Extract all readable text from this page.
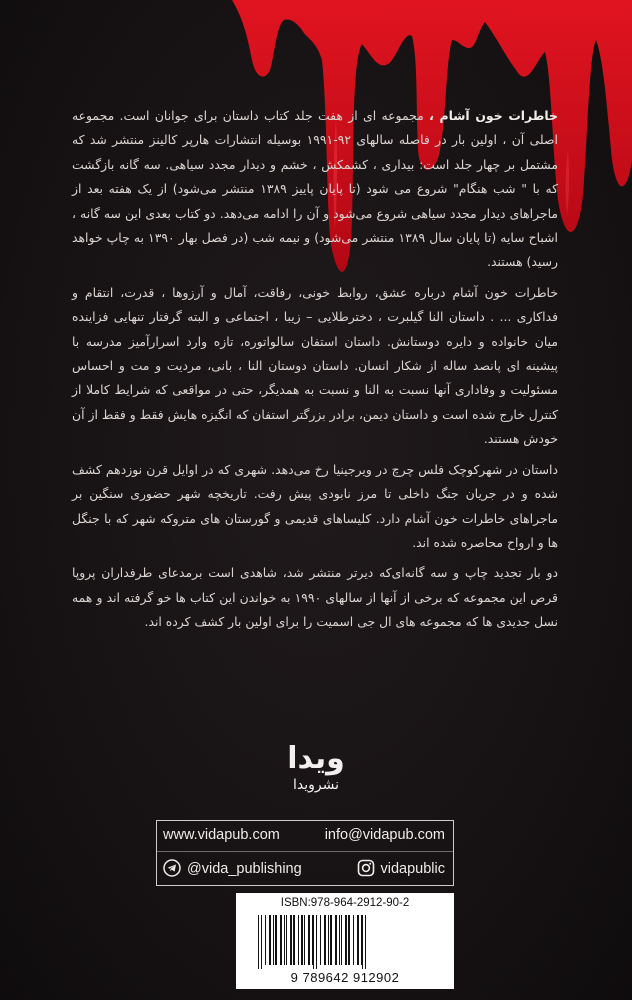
خاطرات خون آشام ، مجموعه ای از هفت جلد کتاب داستان برای جوانان است. مجموعه اصلی آن ، اولین بار در فاصله سالهای ۹۲-۱۹۹۱ بوسیله انتشارات هارپر کالینز منتشر شد که مشتمل بر چهار جلد است: بیداری ، کشمکش ، خشم و دیدار مجدد سیاهی. سه گانه بازگشت که با " شب هنگام" شروع می شود (تا پایان پاییز ۱۳۸۹ منتشر می‌شود) از یک هفته بعد از ماجراهای دیدار مجدد سیاهی شروع می‌شود و آن را ادامه می‌دهد. دو کتاب بعدی این سه گانه ، اشباح سایه (تا پایان سال ۱۳۸۹ منتشر می‌شود) و نیمه شب (در فصل بهار ۱۳۹۰ به چاپ خواهد رسید) هستند.

خاطرات خون آشام درباره عشق، روابط خونی، رفاقت، آمال و آرزوها ، قدرت، انتقام و فداکاری ... . داستان النا گیلبرت ، دخترطلایی – زیبا ، اجتماعی و البته گرفتار تنهایی فزاینده میان خانواده و دایره دوستانش. داستان استفان سالواتوره، تازه وارد اسرارآمیز مدرسه با پیشینه ای پانصد ساله از شکار انسان. داستان دوستان النا ، بانی، مردیت و مت و احساس مسئولیت و وفاداری آنها نسبت به النا و نسبت به همدیگر، حتی در مواقعی که شرایط کاملا از کنترل خارج شده است و داستان دیمن، برادر بزرگتر استفان که انگیزه هایش فقط و فقط از آن خودش هستند.

داستان در شهرکوچک فلس چرچ در ویرجینیا رخ می‌دهد. شهری که در اوایل قرن نوزدهم کشف شده و در جریان جنگ داخلی تا مرز نابودی پیش رفت. تاریخچه شهر حضوری سنگین بر ماجراهای خاطرات خون آشام دارد. کلیساهای قدیمی و گورستان های متروکه شهر که با جنگل ها و ارواح محاصره شده اند.

دو بار تجدید چاپ و سه گانه‌ای‌که دیرتر منتشر شد، شاهدی است برمدعای طرفداران پروپا قرص این مجموعه که برخی از آنها از سالهای ۱۹۹۰ به خواندن این کتاب ها خو گرفته اند و همه نسل جدیدی ها که مجموعه های ال جی اسمیت را برای اولین بار کشف کرده اند.

ویدا
نشرویدا
www.vidapub.com	info@vidapub.com
@vida_publishing	vidapublic
ISBN:978-964-2912-90-2
9 789642 912902
